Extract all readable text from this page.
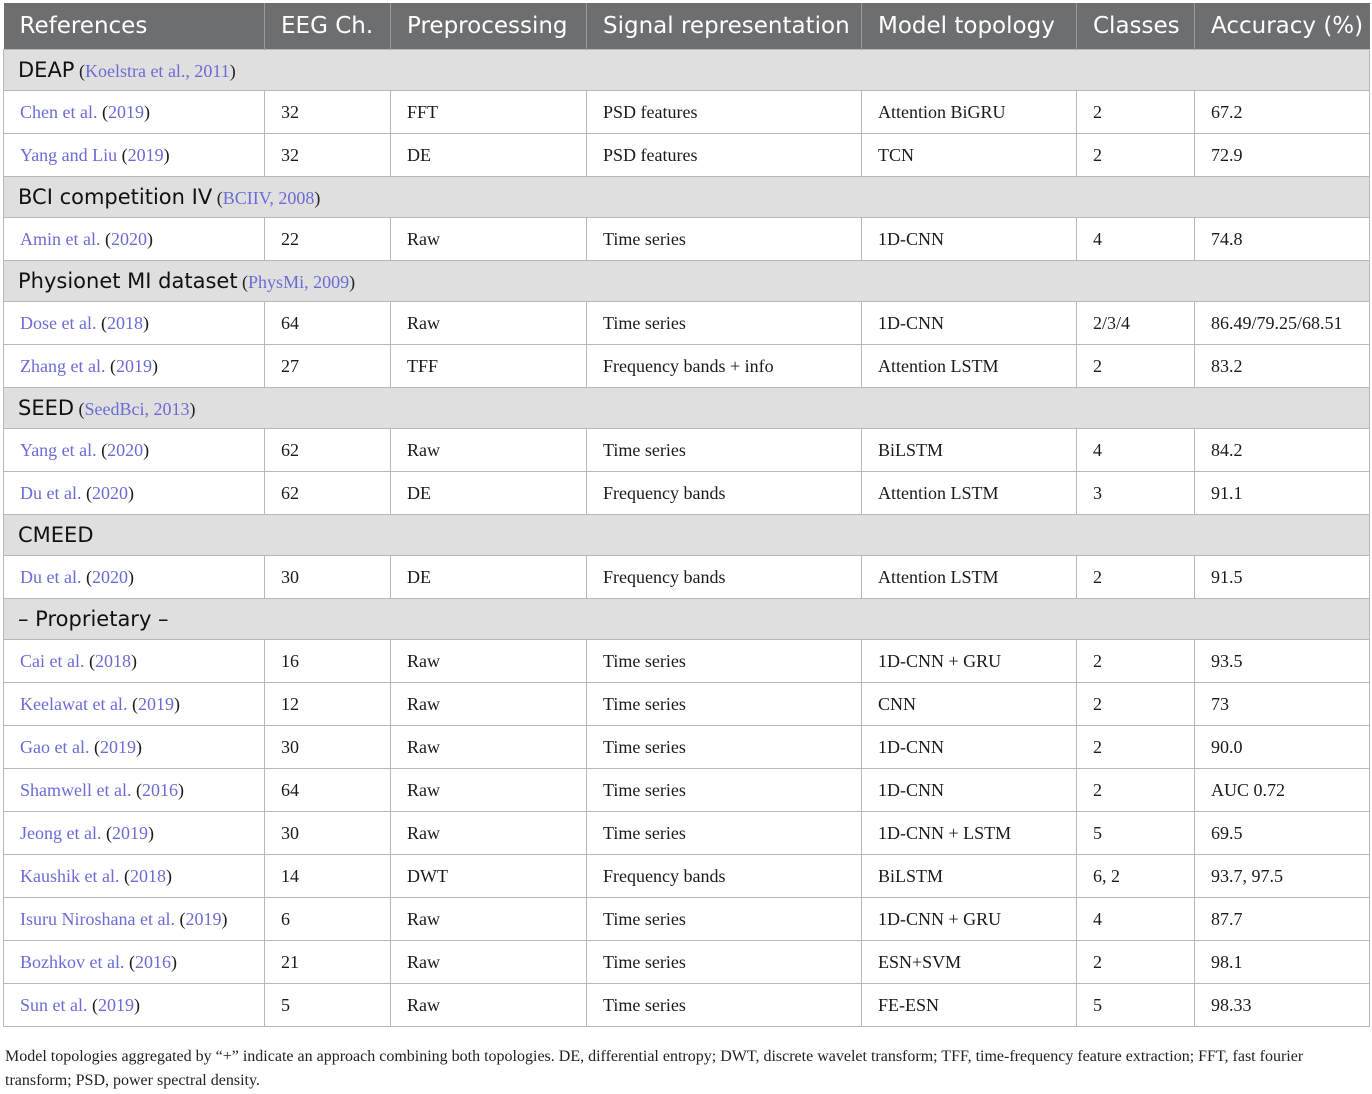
References	EEG Ch.	Preprocessing	Signal representation	Model topology	Classes	Accuracy (%)
DEAP (Koelstra et al., 2011)						
Chen et al. (2019)	32	FFT	PSD features	Attention BiGRU	2	67.2
Yang and Liu (2019)	32	DE	PSD features	TCN	2	72.9
BCI competition IV (BCIIV, 2008)						
Amin et al. (2020)	22	Raw	Time series	1D-CNN	4	74.8
Physionet MI dataset (PhysMi, 2009)						
Dose et al. (2018)	64	Raw	Time series	1D-CNN	2/3/4	86.49/79.25/68.51
Zhang et al. (2019)	27	TFF	Frequency bands + info	Attention LSTM	2	83.2
SEED (SeedBci, 2013)						
Yang et al. (2020)	62	Raw	Time series	BiLSTM	4	84.2
Du et al. (2020)	62	DE	Frequency bands	Attention LSTM	3	91.1
CMEED						
Du et al. (2020)	30	DE	Frequency bands	Attention LSTM	2	91.5
– Proprietary –						
Cai et al. (2018)	16	Raw	Time series	1D-CNN + GRU	2	93.5
Keelawat et al. (2019)	12	Raw	Time series	CNN	2	73
Gao et al. (2019)	30	Raw	Time series	1D-CNN	2	90.0
Shamwell et al. (2016)	64	Raw	Time series	1D-CNN	2	AUC 0.72
Jeong et al. (2019)	30	Raw	Time series	1D-CNN + LSTM	5	69.5
Kaushik et al. (2018)	14	DWT	Frequency bands	BiLSTM	6, 2	93.7, 97.5
Isuru Niroshana et al. (2019)	6	Raw	Time series	1D-CNN + GRU	4	87.7
Bozhkov et al. (2016)	21	Raw	Time series	ESN+SVM	2	98.1
Sun et al. (2019)	5	Raw	Time series	FE-ESN	5	98.33
Model topologies aggregated by “+” indicate an approach combining both topologies. DE, differential entropy; DWT, discrete wavelet transform; TFF, time-frequency feature extraction; FFT, fast fourier transform; PSD, power spectral density.
